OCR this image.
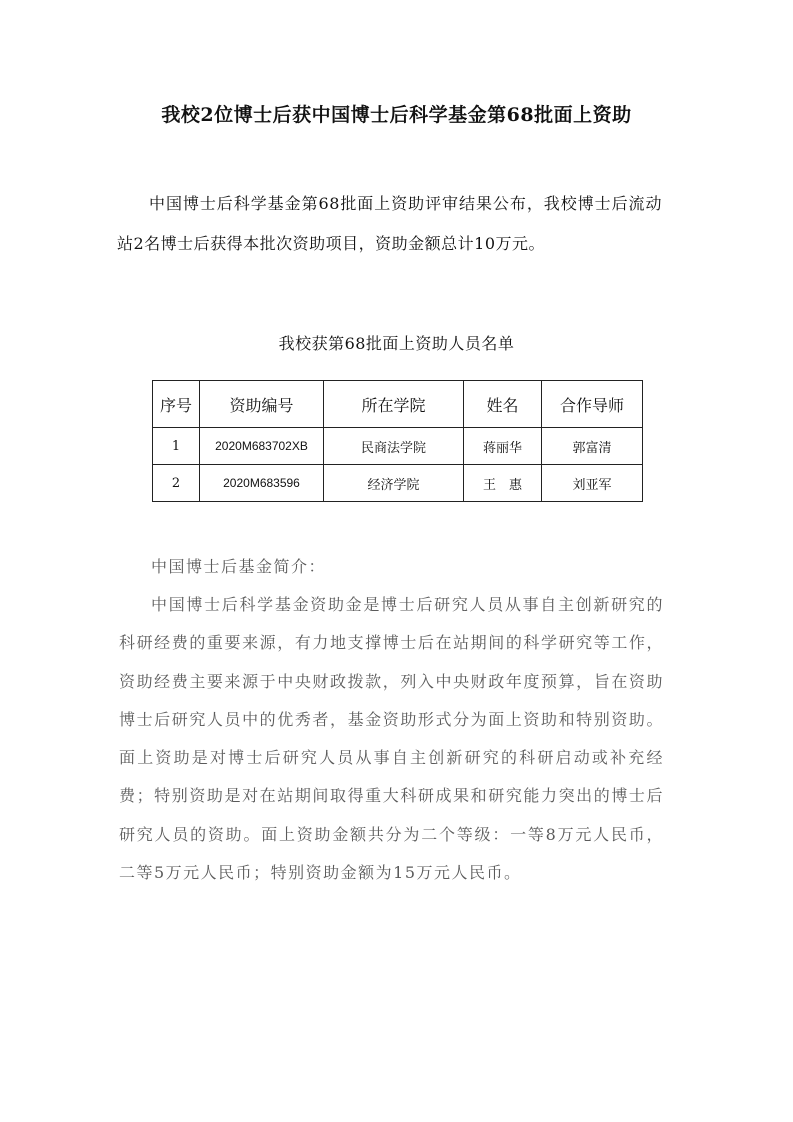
我校2位博士后获中国博士后科学基金第68批面上资助

中国博士后科学基金第68批面上资助评审结果公布，我校博士后流动站2名博士后获得本批次资助项目，资助金额总计10万元。

我校获第68批面上资助人员名单
序号	资助编号	所在学院	姓名	合作导师
1	2020M683702XB	民商法学院	蒋丽华	郭富清
2	2020M683596	经济学院	王　惠	刘亚军

中国博士后基金简介：

中国博士后科学基金资助金是博士后研究人员从事自主创新研究的科研经费的重要来源，有力地支撑博士后在站期间的科学研究等工作，资助经费主要来源于中央财政拨款，列入中央财政年度预算，旨在资助博士后研究人员中的优秀者，基金资助形式分为面上资助和特别资助。面上资助是对博士后研究人员从事自主创新研究的科研启动或补充经费；特别资助是对在站期间取得重大科研成果和研究能力突出的博士后研究人员的资助。面上资助金额共分为二个等级：一等8万元人民币，二等5万元人民币；特别资助金额为15万元人民币。
